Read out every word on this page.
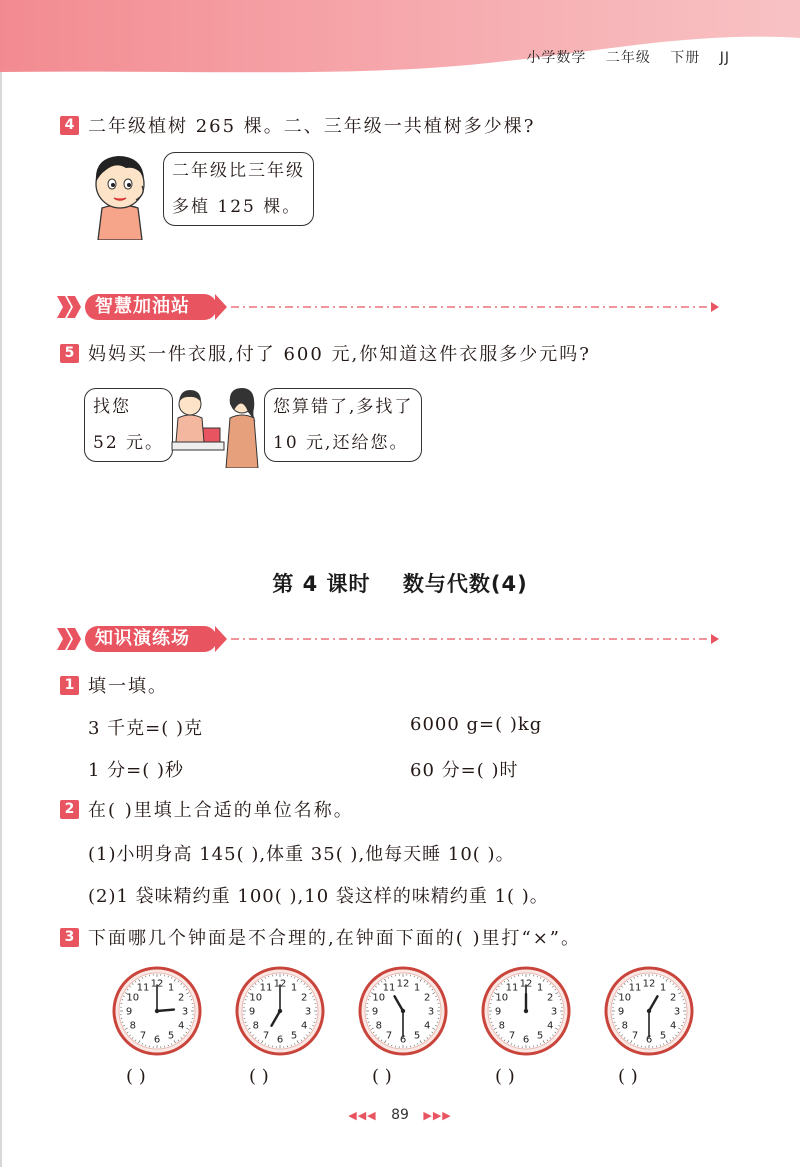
小学数学 二年级 下册 JJ
4 二年级植树 265 棵。二、三年级一共植树多少棵?
二年级比三年级
多植 125 棵。
智慧加油站
5 妈妈买一件衣服,付了 600 元,你知道这件衣服多少元吗?
找您
52 元。
您算错了,多找了
10 元,还给您。
第 4 课时 数与代数(4)
知识演练场
1 填一填。
3 千克=( )克	6000 g=( )kg
1 分=( )秒	60 分=( )时
2 在( )里填上合适的单位名称。
(1)小明身高 145( ),体重 35( ),他每天睡 10( )。
(2)1 袋味精约重 100( ),10 袋这样的味精约重 1( )。
3 下面哪几个钟面是不合理的,在钟面下面的( )里打“×”。
12 1
2
3
4
5
6
7
8
9
10
11	12 1
2
3
4
5
6
7
8
9
10
11	12 1
2
3
4
5
6
7
8
9
10
11	12 1
2
3
4
5
6
7
8
9
10
11	12 1
2
3
4
5
6
7
8
9
10
11
( )	( )	( )	( )	( )
◀◀◀ 89 ▶▶▶
